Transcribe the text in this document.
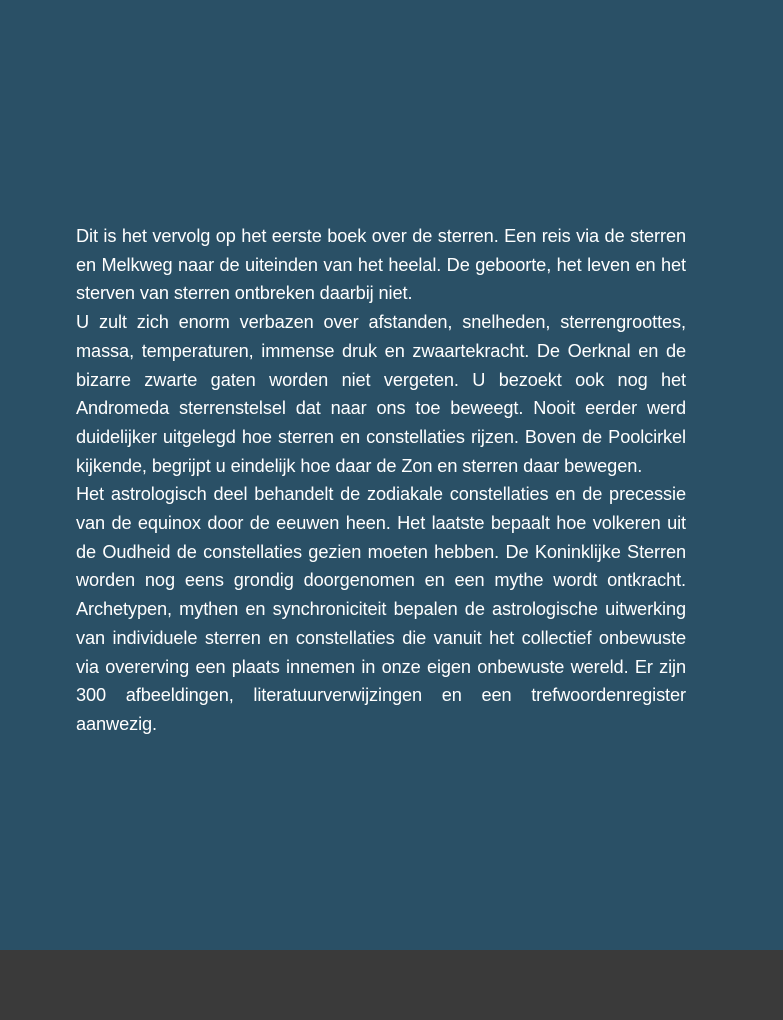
Dit is het vervolg op het eerste boek over de sterren. Een reis via de sterren en Melkweg naar de uiteinden van het heelal. De geboorte, het leven en het sterven van sterren ontbreken daarbij niet.

U zult zich enorm verbazen over afstanden, snelheden, sterrengroottes, massa, temperaturen, immense druk en zwaartekracht. De Oerknal en de bizarre zwarte gaten worden niet vergeten. U bezoekt ook nog het Andromeda sterrenstelsel dat naar ons toe beweegt. Nooit eerder werd duidelijker uitgelegd hoe sterren en constellaties rijzen. Boven de Poolcirkel kijkende, begrijpt u eindelijk hoe daar de Zon en sterren daar bewegen.

Het astrologisch deel behandelt de zodiakale constellaties en de precessie van de equinox door de eeuwen heen. Het laatste bepaalt hoe volkeren uit de Oudheid de constellaties gezien moeten hebben. De Koninklijke Sterren worden nog eens grondig doorgenomen en een mythe wordt ontkracht. Archetypen, mythen en synchroniciteit bepalen de astrologische uitwerking van individuele sterren en constellaties die vanuit het collectief onbewuste via overerving een plaats innemen in onze eigen onbewuste wereld. Er zijn 300 afbeeldingen, literatuurverwijzingen en een trefwoordenregister aanwezig.
